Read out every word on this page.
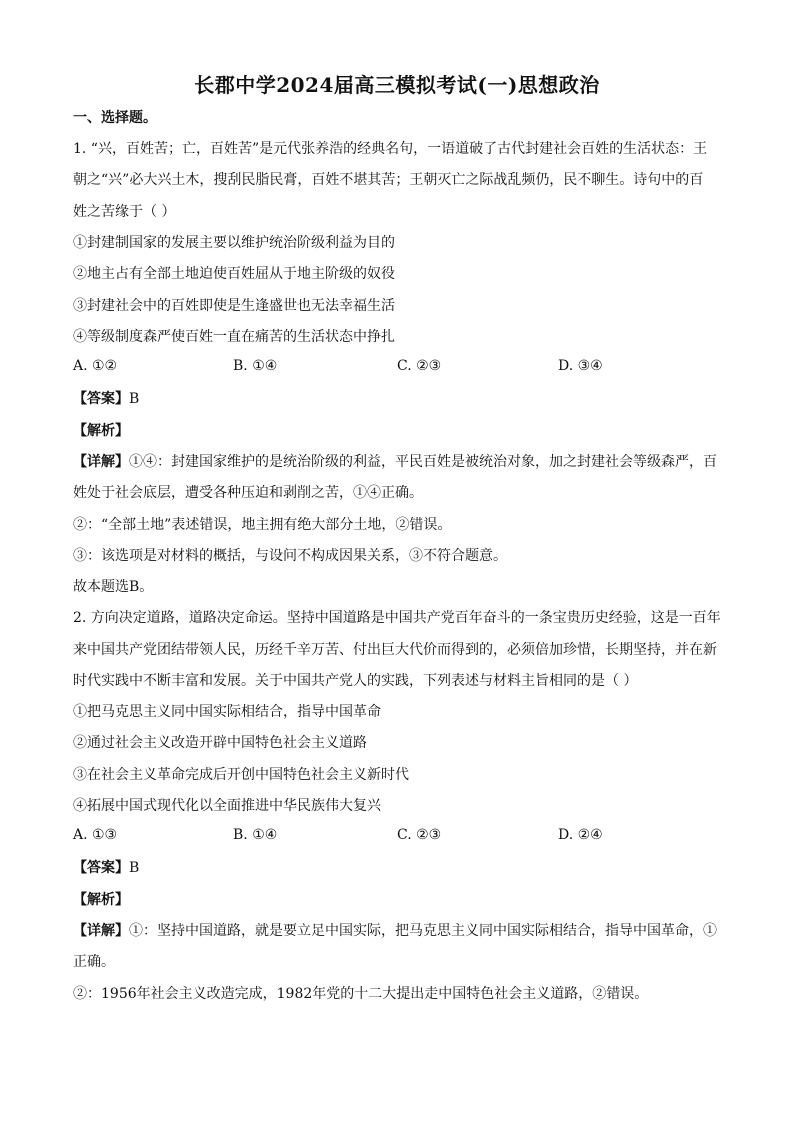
长郡中学2024届高三模拟考试(一)思想政治
一、选择题。
1. “兴，百姓苦；亡，百姓苦”是元代张养浩的经典名句，一语道破了古代封建社会百姓的生活状态：王
朝之“兴”必大兴土木，搜刮民脂民膏，百姓不堪其苦；王朝灭亡之际战乱频仍，民不聊生。诗句中的百
姓之苦缘于（ ）
①封建制国家的发展主要以维护统治阶级利益为目的
②地主占有全部土地迫使百姓屈从于地主阶级的奴役
③封建社会中的百姓即使是生逢盛世也无法幸福生活
④等级制度森严使百姓一直在痛苦的生活状态中挣扎
A. ①②	B. ①④	C. ②③	D. ③④
【答案】B
【解析】
【详解】①④：封建国家维护的是统治阶级的利益，平民百姓是被统治对象，加之封建社会等级森严，百
姓处于社会底层，遭受各种压迫和剥削之苦，①④正确。
②：“全部土地”表述错误，地主拥有绝大部分土地，②错误。
③：该选项是对材料的概括，与设问不构成因果关系，③不符合题意。
故本题选B。
2. 方向决定道路，道路决定命运。坚持中国道路是中国共产党百年奋斗的一条宝贵历史经验，这是一百年
来中国共产党团结带领人民，历经千辛万苦、付出巨大代价而得到的，必须倍加珍惜，长期坚持，并在新
时代实践中不断丰富和发展。关于中国共产党人的实践，下列表述与材料主旨相同的是（ ）
①把马克思主义同中国实际相结合，指导中国革命
②通过社会主义改造开辟中国特色社会主义道路
③在社会主义革命完成后开创中国特色社会主义新时代
④拓展中国式现代化以全面推进中华民族伟大复兴
A. ①③	B. ①④	C. ②③	D. ②④
【答案】B
【解析】
【详解】①：坚持中国道路，就是要立足中国实际，把马克思主义同中国实际相结合，指导中国革命，①
正确。
②：1956年社会主义改造完成，1982年党的十二大提出走中国特色社会主义道路，②错误。
